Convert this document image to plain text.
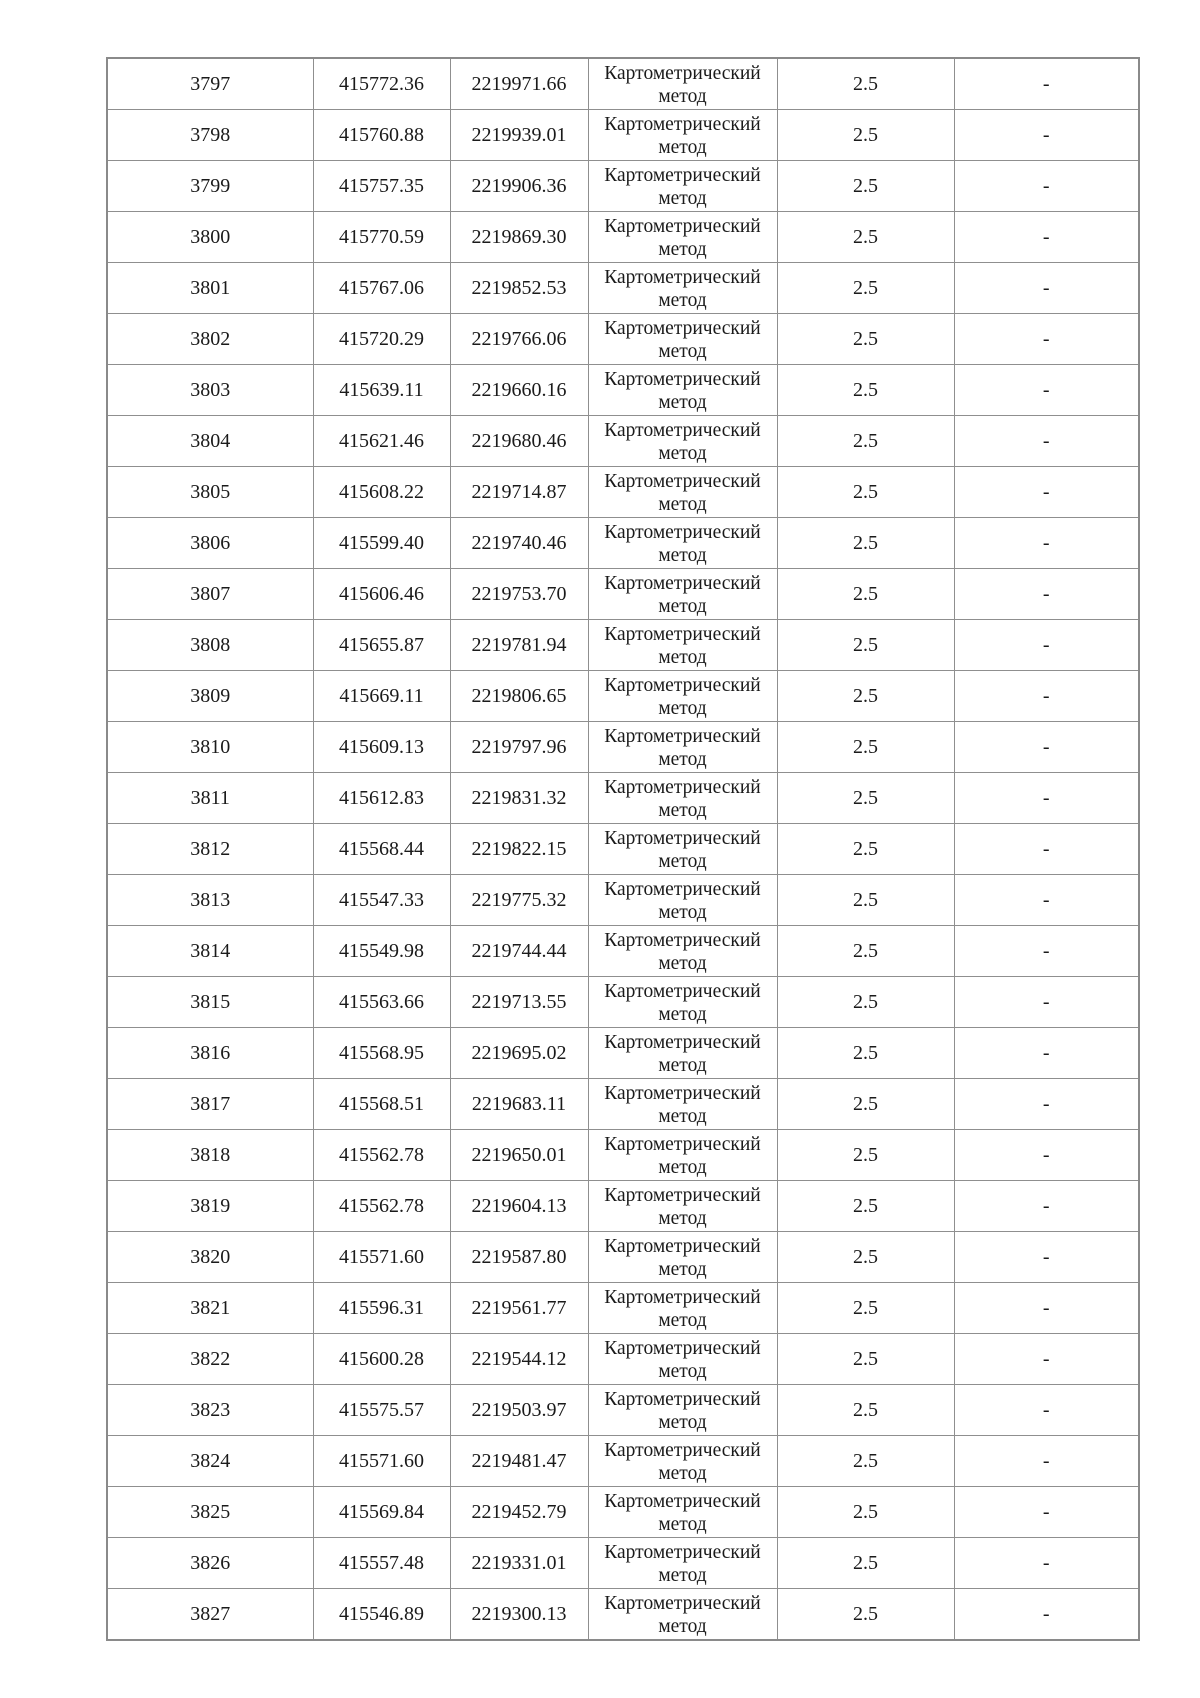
3797	415772.36	2219971.66	Картометрический
метод	2.5	-
3798	415760.88	2219939.01	Картометрический
метод	2.5	-
3799	415757.35	2219906.36	Картометрический
метод	2.5	-
3800	415770.59	2219869.30	Картометрический
метод	2.5	-
3801	415767.06	2219852.53	Картометрический
метод	2.5	-
3802	415720.29	2219766.06	Картометрический
метод	2.5	-
3803	415639.11	2219660.16	Картометрический
метод	2.5	-
3804	415621.46	2219680.46	Картометрический
метод	2.5	-
3805	415608.22	2219714.87	Картометрический
метод	2.5	-
3806	415599.40	2219740.46	Картометрический
метод	2.5	-
3807	415606.46	2219753.70	Картометрический
метод	2.5	-
3808	415655.87	2219781.94	Картометрический
метод	2.5	-
3809	415669.11	2219806.65	Картометрический
метод	2.5	-
3810	415609.13	2219797.96	Картометрический
метод	2.5	-
3811	415612.83	2219831.32	Картометрический
метод	2.5	-
3812	415568.44	2219822.15	Картометрический
метод	2.5	-
3813	415547.33	2219775.32	Картометрический
метод	2.5	-
3814	415549.98	2219744.44	Картометрический
метод	2.5	-
3815	415563.66	2219713.55	Картометрический
метод	2.5	-
3816	415568.95	2219695.02	Картометрический
метод	2.5	-
3817	415568.51	2219683.11	Картометрический
метод	2.5	-
3818	415562.78	2219650.01	Картометрический
метод	2.5	-
3819	415562.78	2219604.13	Картометрический
метод	2.5	-
3820	415571.60	2219587.80	Картометрический
метод	2.5	-
3821	415596.31	2219561.77	Картометрический
метод	2.5	-
3822	415600.28	2219544.12	Картометрический
метод	2.5	-
3823	415575.57	2219503.97	Картометрический
метод	2.5	-
3824	415571.60	2219481.47	Картометрический
метод	2.5	-
3825	415569.84	2219452.79	Картометрический
метод	2.5	-
3826	415557.48	2219331.01	Картометрический
метод	2.5	-
3827	415546.89	2219300.13	Картометрический
метод	2.5	-
